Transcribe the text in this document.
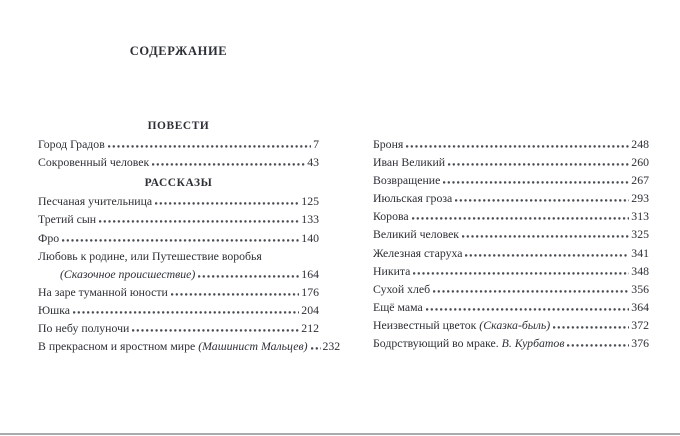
СОДЕРЖАНИЕ
ПОВЕСТИ
Город Градов	7
Сокровенный человек	43
РАССКАЗЫ
Песчаная учительница	125
Третий сын	133
Фро	140
Любовь к родине, или Путешествие воробья
(Сказочное происшествие)	164
На заре туманной юности	176
Юшка	204
По небу полуночи	212
В прекрасном и яростном мире (Машинист Мальцев) 232
Броня	248
Иван Великий	260
Возвращение	267
Июльская гроза	293
Корова	313
Великий человек	325
Железная старуха	341
Никита	348
Сухой хлеб	356
Ещё мама	364
Неизвестный цветок (Сказка-быль)	372
Бодрствующий во мраке. В. Курбатов	376
